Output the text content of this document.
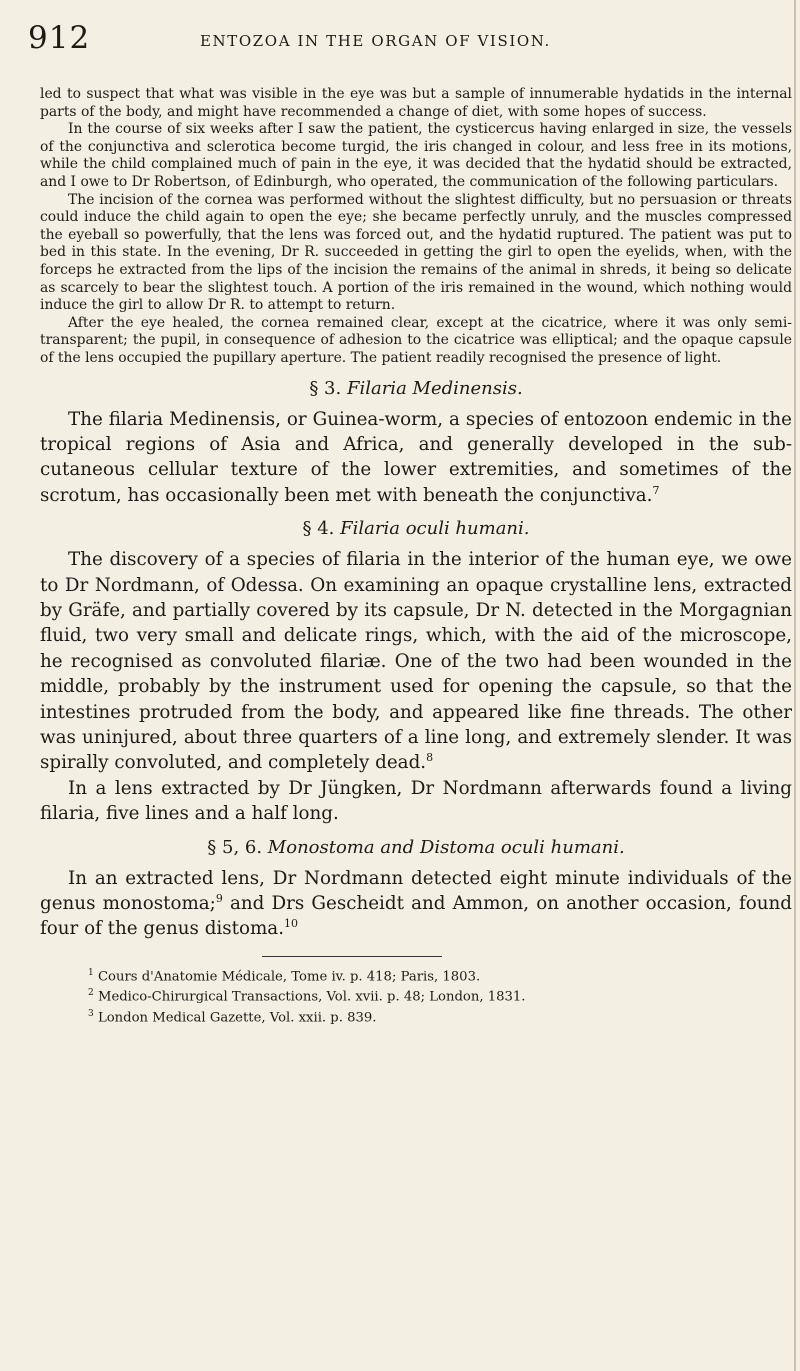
912	ENTOZOA IN THE ORGAN OF VISION.

led to suspect that what was visible in the eye was but a sample of innumerable hydatids in the internal parts of the body, and might have recommended a change of diet, with some hopes of success.

In the course of six weeks after I saw the patient, the cysticercus having enlarged in size, the vessels of the conjunctiva and sclerotica become turgid, the iris changed in colour, and less free in its motions, while the child complained much of pain in the eye, it was decided that the hydatid should be extracted, and I owe to Dr Robertson, of Edinburgh, who operated, the communication of the following particulars.

The incision of the cornea was performed without the slightest difficulty, but no persuasion or threats could induce the child again to open the eye; she became perfectly unruly, and the muscles compressed the eyeball so powerfully, that the lens was forced out, and the hydatid ruptured. The patient was put to bed in this state. In the evening, Dr R. succeeded in getting the girl to open the eyelids, when, with the forceps he extracted from the lips of the incision the remains of the animal in shreds, it being so delicate as scarcely to bear the slightest touch. A portion of the iris remained in the wound, which nothing would induce the girl to allow Dr R. to attempt to return.

After the eye healed, the cornea remained clear, except at the cicatrice, where it was only semi-transparent; the pupil, in consequence of adhesion to the cicatrice was elliptical; and the opaque capsule of the lens occupied the pupillary aperture. The patient readily recognised the presence of light.

§ 3. Filaria Medinensis.

The filaria Medinensis, or Guinea-worm, a species of entozoon endemic in the tropical regions of Asia and Africa, and generally developed in the sub-cutaneous cellular texture of the lower extremities, and sometimes of the scrotum, has occasionally been met with beneath the conjunctiva.$^7$

§ 4. Filaria oculi humani.

The discovery of a species of filaria in the interior of the human eye, we owe to Dr Nordmann, of Odessa. On examining an opaque crystalline lens, extracted by Gräfe, and partially covered by its capsule, Dr N. detected in the Morgagnian fluid, two very small and delicate rings, which, with the aid of the microscope, he recognised as convoluted filariæ. One of the two had been wounded in the middle, probably by the instrument used for opening the capsule, so that the intestines protruded from the body, and appeared like fine threads. The other was uninjured, about three quarters of a line long, and extremely slender. It was spirally convoluted, and completely dead.$^8$

In a lens extracted by Dr Jüngken, Dr Nordmann afterwards found a living filaria, five lines and a half long.

§ 5, 6. Monostoma and Distoma oculi humani.

In an extracted lens, Dr Nordmann detected eight minute individuals of the genus monostoma;$^9$ and Drs Gescheidt and Ammon, on another occasion, found four of the genus distoma.$^{10}$

$^1$ Cours d'Anatomie Médicale, Tome iv. p. 418; Paris, 1803.
$^2$ Medico-Chirurgical Transactions, Vol. xvii. p. 48; London, 1831.
$^3$ London Medical Gazette, Vol. xxii. p. 839.
